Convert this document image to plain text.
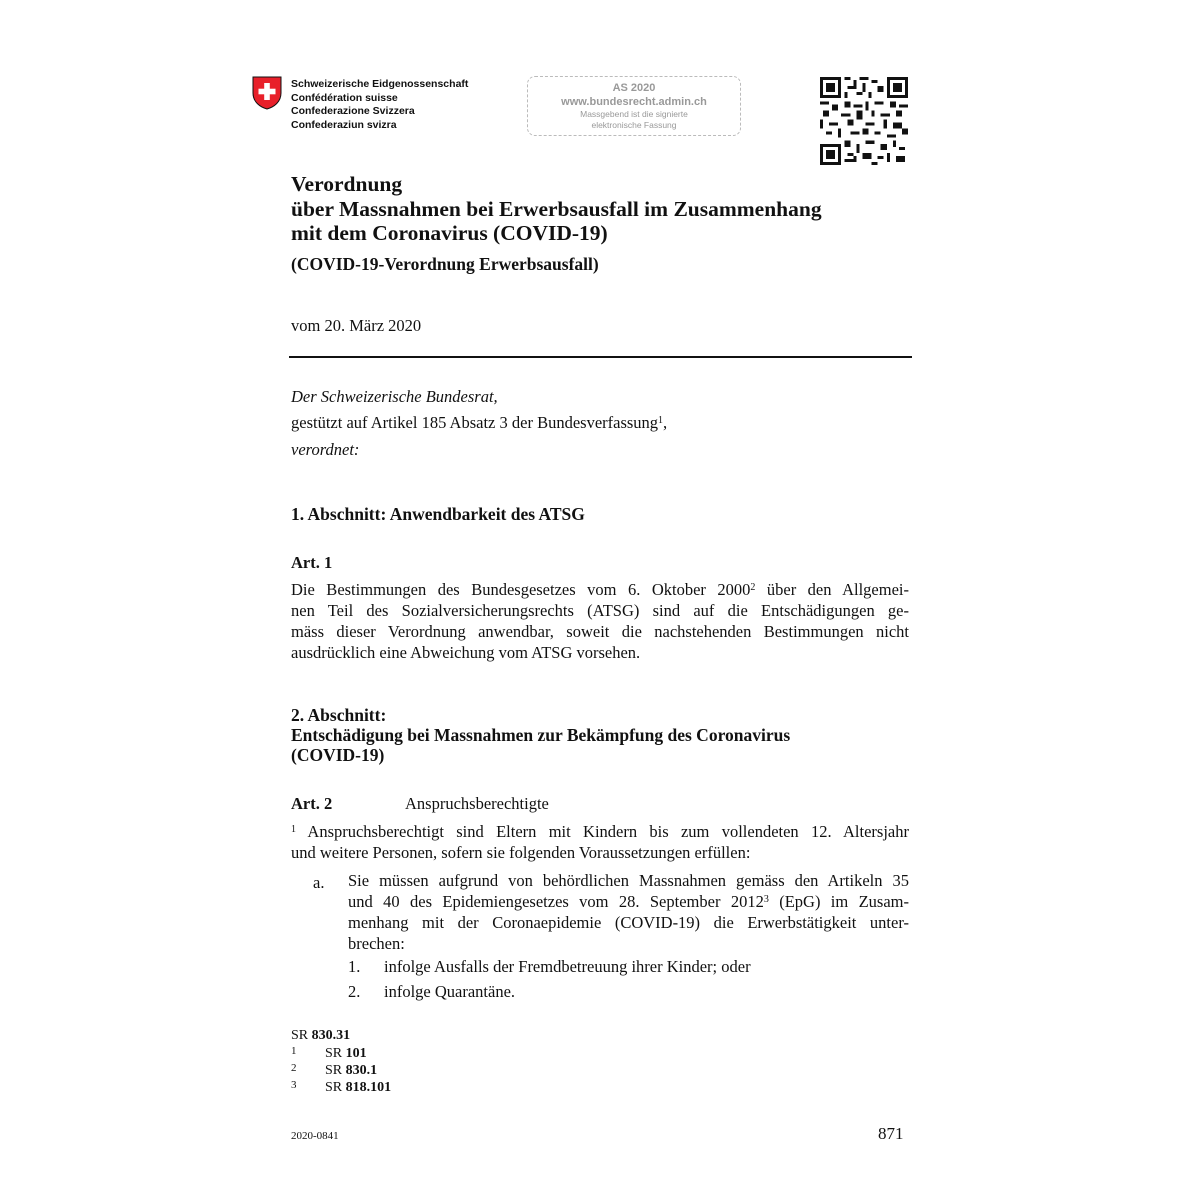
Schweizerische Eidgenossenschaft
Confédération suisse
Confederazione Svizzera
Confederaziun svizra
AS 2020
www.bundesrecht.admin.ch
Massgebend ist die signierte
elektronische Fassung
Verordnung
über Massnahmen bei Erwerbsausfall im Zusammenhang
mit dem Coronavirus (COVID-19)
(COVID-19-Verordnung Erwerbsausfall)
vom 20. März 2020
Der Schweizerische Bundesrat,
gestützt auf Artikel 185 Absatz 3 der Bundesverfassung$^1$,
verordnet:
1. Abschnitt: Anwendbarkeit des ATSG
Art. 1
Die Bestimmungen des Bundesgesetzes vom 6. Oktober 2000$^2$ über den Allgemei-
nen Teil des Sozialversicherungsrechts (ATSG) sind auf die Entschädigungen ge-
mäss dieser Verordnung anwendbar, soweit die nachstehenden Bestimmungen nicht
ausdrücklich eine Abweichung vom ATSG vorsehen.
2. Abschnitt:
Entschädigung bei Massnahmen zur Bekämpfung des Coronavirus
(COVID-19)
Art. 2	Anspruchsberechtigte
$^1$ Anspruchsberechtigt sind Eltern mit Kindern bis zum vollendeten 12. Altersjahr
und weitere Personen, sofern sie folgenden Voraussetzungen erfüllen:
a. Sie müssen aufgrund von behördlichen Massnahmen gemäss den Artikeln 35
und 40 des Epidemiengesetzes vom 28. September 2012$^3$ (EpG) im Zusam-
menhang mit der Coronaepidemie (COVID-19) die Erwerbstätigkeit unter-
brechen:
1. infolge Ausfalls der Fremdbetreuung ihrer Kinder; oder
2. infolge Quarantäne.
SR 830.31
1 SR 101
2 SR 830.1
3 SR 818.101
2020-0841	871
